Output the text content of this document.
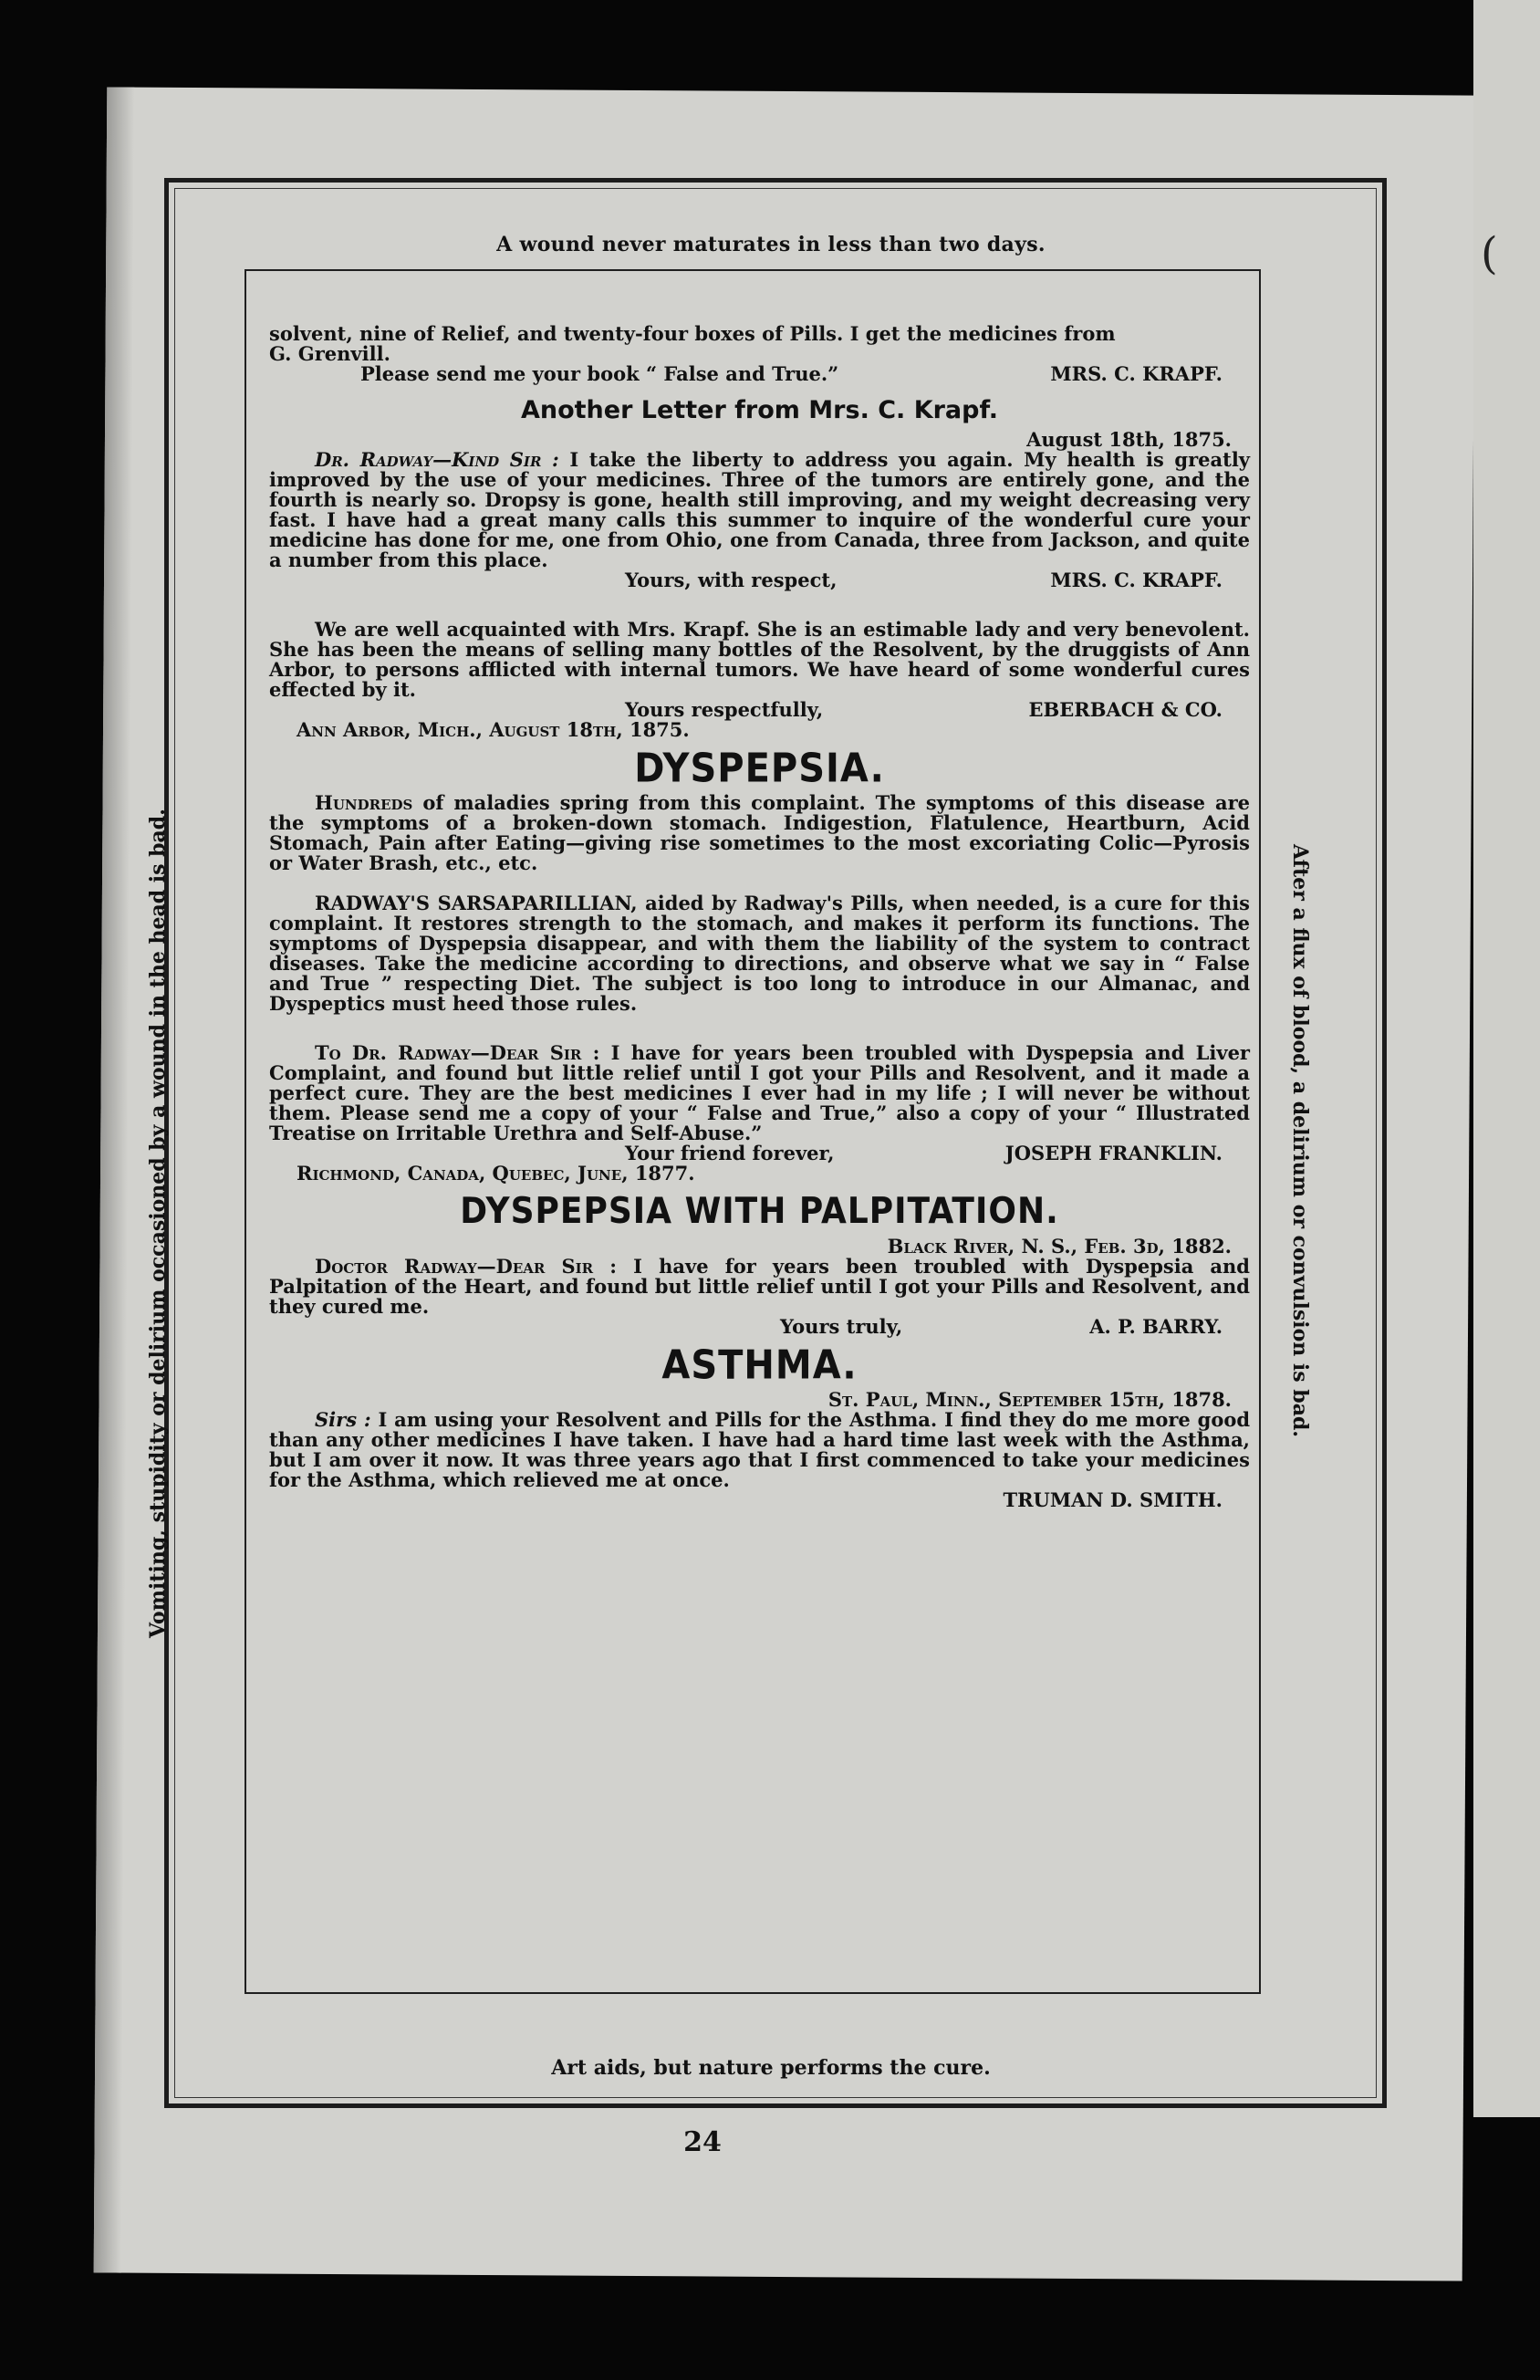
(
A wound never maturates in less than two days.
Vomiting, stupidity or delirium occasioned by a wound in the head is bad.	After a flux of blood, a delirium or convulsion is bad.

solvent, nine of Relief, and twenty-four boxes of Pills. I get the medicines from

G. Grenvill.

Please send me your book “ False and True.”	MRS. C. KRAPF.
Another Letter from Mrs. C. Krapf.

August 18th, 1875.

Dr. Radway—Kind Sir : I take the liberty to address you again. My health is greatly improved by the use of your medicines. Three of the tumors are entirely gone, and the fourth is nearly so. Dropsy is gone, health still improving, and my weight decreasing very fast. I have had a great many calls this summer to inquire of the wonderful cure your medicine has done for me, one from Ohio, one from Canada, three from Jackson, and quite a number from this place.

Yours, with respect,	MRS. C. KRAPF.

We are well acquainted with Mrs. Krapf. She is an estimable lady and very benevolent. She has been the means of selling many bottles of the Resolvent, by the druggists of Ann Arbor, to persons afflicted with internal tumors. We have heard of some wonderful cures effected by it.

Yours respectfully,	EBERBACH & CO.

Ann Arbor, Mich., August 18th, 1875.

DYSPEPSIA.

Hundreds of maladies spring from this complaint. The symptoms of this disease are the symptoms of a broken-down stomach. Indigestion, Flatulence, Heartburn, Acid Stomach, Pain after Eating—giving rise sometimes to the most excoriating Colic—Pyrosis or Water Brash, etc., etc.

RADWAY'S SARSAPARILLIAN, aided by Radway's Pills, when needed, is a cure for this complaint. It restores strength to the stomach, and makes it perform its functions. The symptoms of Dyspepsia disappear, and with them the liability of the system to contract diseases. Take the medicine according to directions, and observe what we say in “ False and True ” respecting Diet. The subject is too long to introduce in our Almanac, and Dyspeptics must heed those rules.

To Dr. Radway—Dear Sir : I have for years been troubled with Dyspepsia and Liver Complaint, and found but little relief until I got your Pills and Resolvent, and it made a perfect cure. They are the best medicines I ever had in my life ; I will never be without them. Please send me a copy of your “ False and True,” also a copy of your “ Illustrated Treatise on Irritable Urethra and Self-Abuse.”

Your friend forever,	JOSEPH FRANKLIN.

Richmond, Canada, Quebec, June, 1877.

DYSPEPSIA WITH PALPITATION.

Black River, N. S., Feb. 3d, 1882.

Doctor Radway—Dear Sir : I have for years been troubled with Dyspepsia and Palpitation of the Heart, and found but little relief until I got your Pills and Resolvent, and they cured me.

Yours truly,	A. P. BARRY.
ASTHMA.

St. Paul, Minn., September 15th, 1878.

Sirs : I am using your Resolvent and Pills for the Asthma. I find they do me more good than any other medicines I have taken. I have had a hard time last week with the Asthma, but I am over it now. It was three years ago that I first commenced to take your medicines for the Asthma, which relieved me at once.

TRUMAN D. SMITH.

Art aids, but nature performs the cure.
24
